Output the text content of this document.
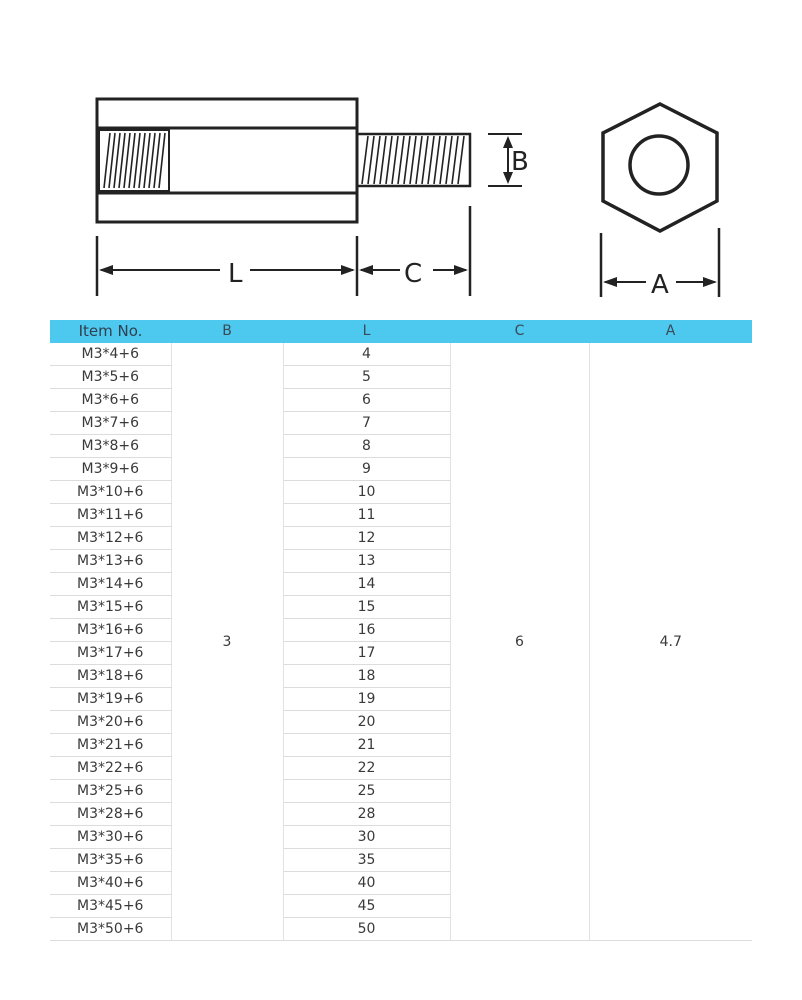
B
L	C	A
Item No.	B	L	C	A
M3*4+6	3	4	6	4.7
M3*5+6		5		
M3*6+6		6		
M3*7+6		7		
M3*8+6		8		
M3*9+6		9		
M3*10+6		10		
M3*11+6		11		
M3*12+6		12		
M3*13+6		13		
M3*14+6		14		
M3*15+6		15		
M3*16+6		16		
M3*17+6		17		
M3*18+6		18		
M3*19+6		19		
M3*20+6		20		
M3*21+6		21		
M3*22+6		22		
M3*25+6		25		
M3*28+6		28		
M3*30+6		30		
M3*35+6		35		
M3*40+6		40		
M3*45+6		45		
M3*50+6		50		
